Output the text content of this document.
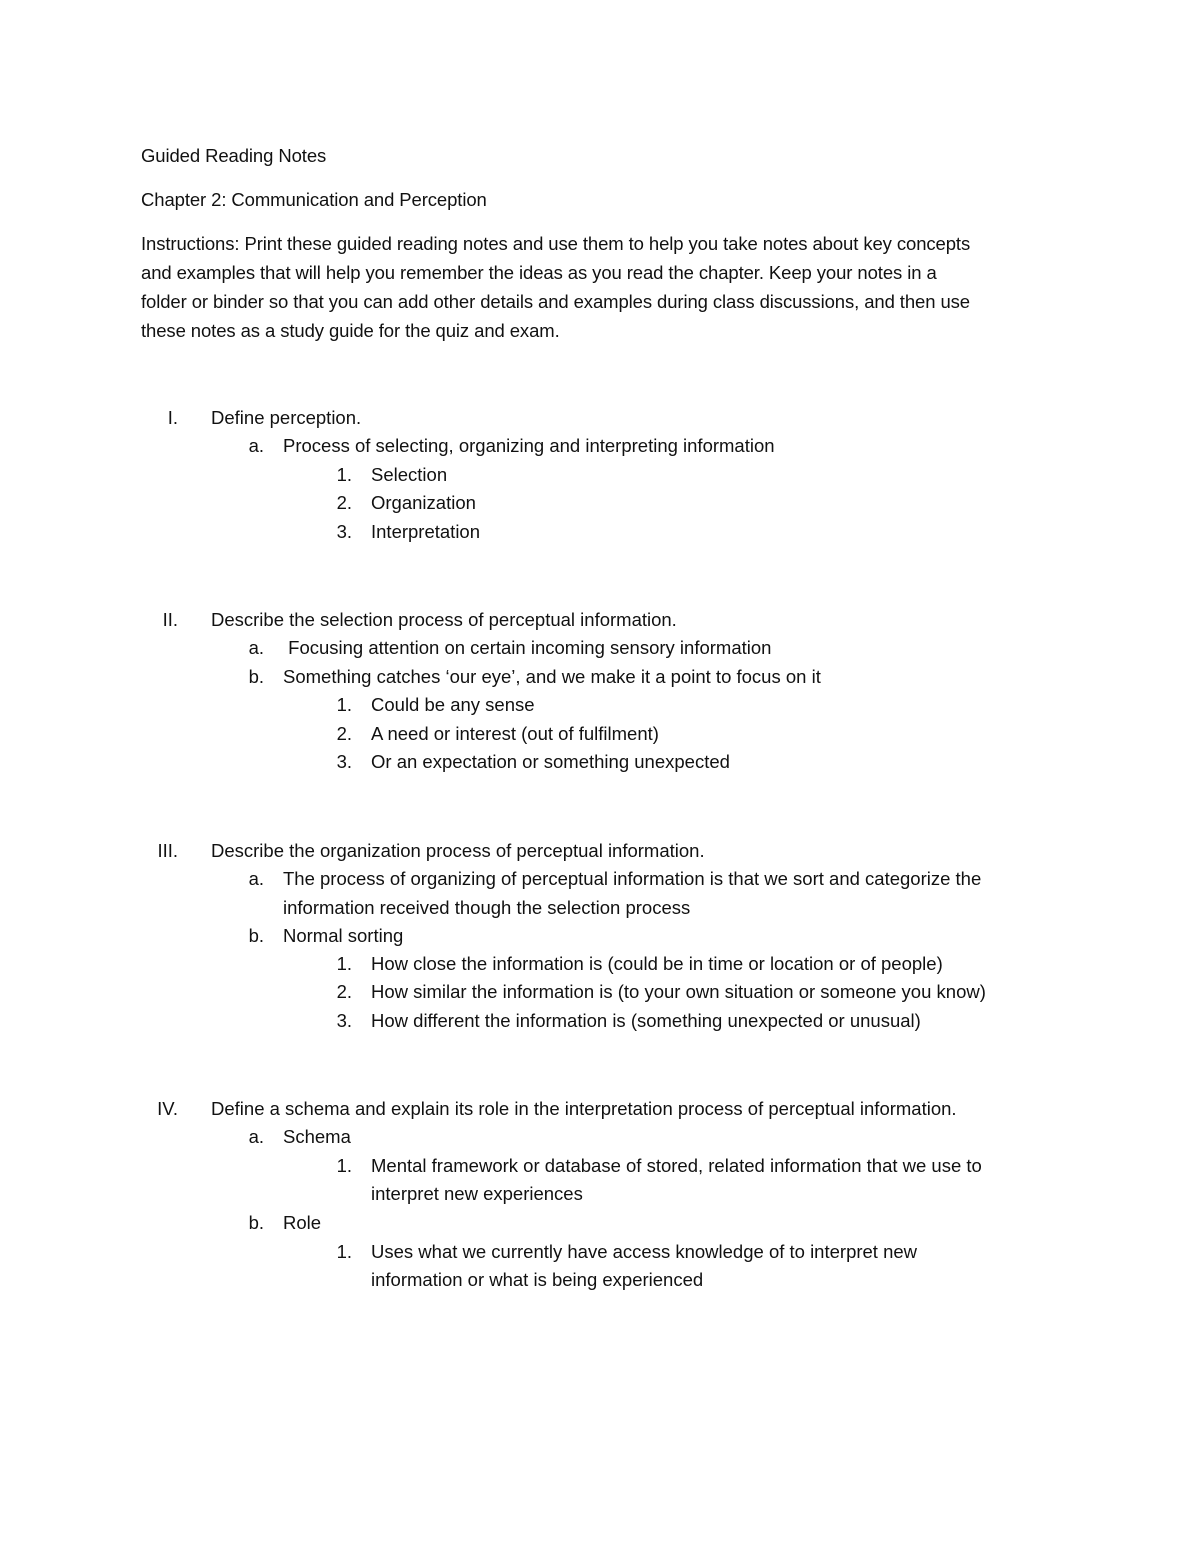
Guided Reading Notes
Chapter 2: Communication and Perception
Instructions: Print these guided reading notes and use them to help you take notes about key concepts
and examples that will help you remember the ideas as you read the chapter. Keep your notes in a
folder or binder so that you can add other details and examples during class discussions, and then use
these notes as a study guide for the quiz and exam.
I. Define perception.
a. Process of selecting, organizing and interpreting information
1. Selection
2. Organization
3. Interpretation
II. Describe the selection process of perceptual information.
a. Focusing attention on certain incoming sensory information
b. Something catches ‘our eye’, and we make it a point to focus on it
1. Could be any sense
2. A need or interest (out of fulfilment)
3. Or an expectation or something unexpected
III. Describe the organization process of perceptual information.
a. The process of organizing of perceptual information is that we sort and categorize the
information received though the selection process
b. Normal sorting
1. How close the information is (could be in time or location or of people)
2. How similar the information is (to your own situation or someone you know)
3. How different the information is (something unexpected or unusual)
IV. Define a schema and explain its role in the interpretation process of perceptual information.
a. Schema
1. Mental framework or database of stored, related information that we use to
interpret new experiences
b. Role
1. Uses what we currently have access knowledge of to interpret new
information or what is being experienced
